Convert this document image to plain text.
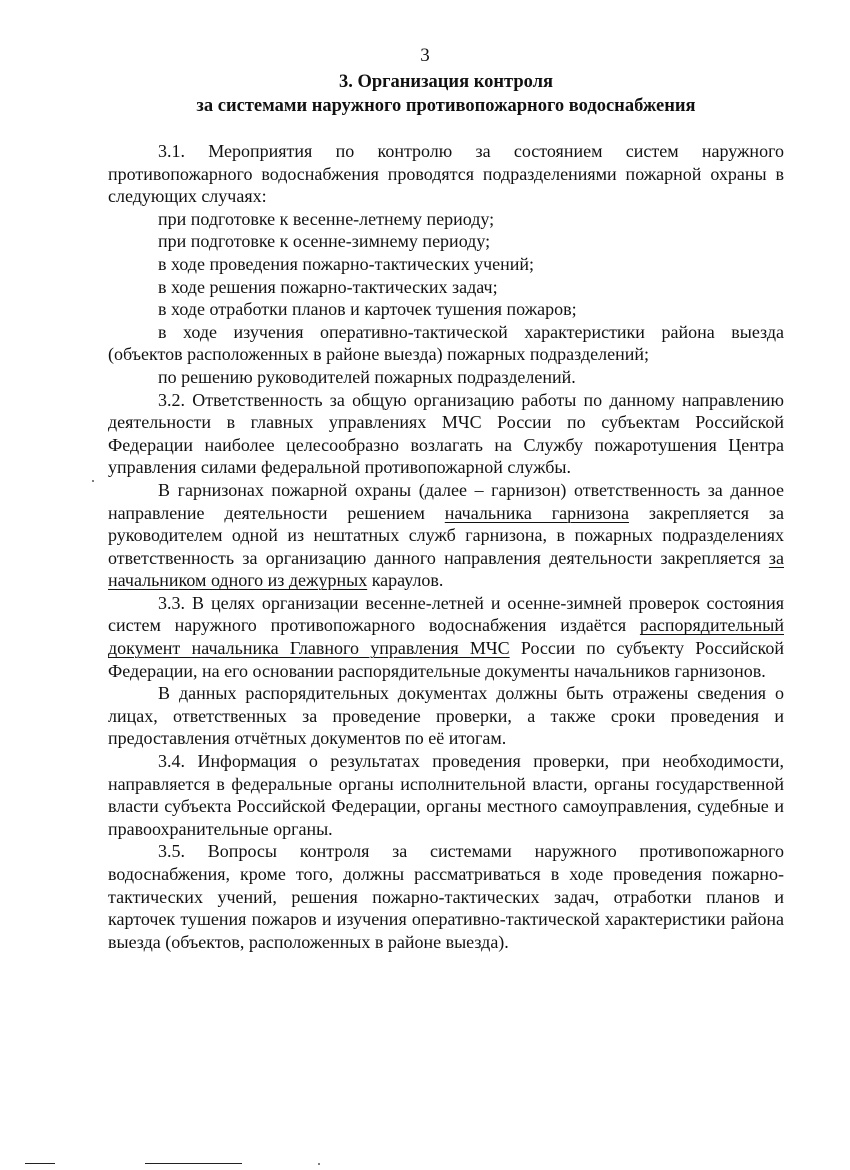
3
3. Организация контроля
за системами наружного противопожарного водоснабжения

3.1. Мероприятия по контролю за состоянием систем наружного противопожарного водоснабжения проводятся подразделениями пожарной охраны в следующих случаях:

при подготовке к весенне-летнему периоду;

при подготовке к осенне-зимнему периоду;

в ходе проведения пожарно-тактических учений;

в ходе решения пожарно-тактических задач;

в ходе отработки планов и карточек тушения пожаров;

в ходе изучения оперативно-тактической характеристики района выезда (объектов расположенных в районе выезда) пожарных подразделений;

по решению руководителей пожарных подразделений.

3.2. Ответственность за общую организацию работы по данному направлению деятельности в главных управлениях МЧС России по субъектам Российской Федерации наиболее целесообразно возлагать на Службу пожаротушения Центра управления силами федеральной противопожарной службы.

В гарнизонах пожарной охраны (далее – гарнизон) ответственность за данное направление деятельности решением начальника гарнизона закрепляется за руководителем одной из нештатных служб гарнизона, в пожарных подразделениях ответственность за организацию данного направления деятельности закрепляется за начальником одного из дежурных караулов.

3.3. В целях организации весенне-летней и осенне-зимней проверок состояния систем наружного противопожарного водоснабжения издаётся распорядительный документ начальника Главного управления МЧС России по субъекту Российской Федерации, на его основании распорядительные документы начальников гарнизонов.

В данных распорядительных документах должны быть отражены сведения о лицах, ответственных за проведение проверки, а также сроки проведения и предоставления отчётных документов по её итогам.

3.4. Информация о результатах проведения проверки, при необходимости, направляется в федеральные органы исполнительной власти, органы государственной власти субъекта Российской Федерации, органы местного самоуправления, судебные и правоохранительные органы.

3.5. Вопросы контроля за системами наружного противопожарного водоснабжения, кроме того, должны рассматриваться в ходе проведения пожарно-тактических учений, решения пожарно-тактических задач, отработки планов и карточек тушения пожаров и изучения оперативно-тактической характеристики района выезда (объектов, расположенных в районе выезда).
